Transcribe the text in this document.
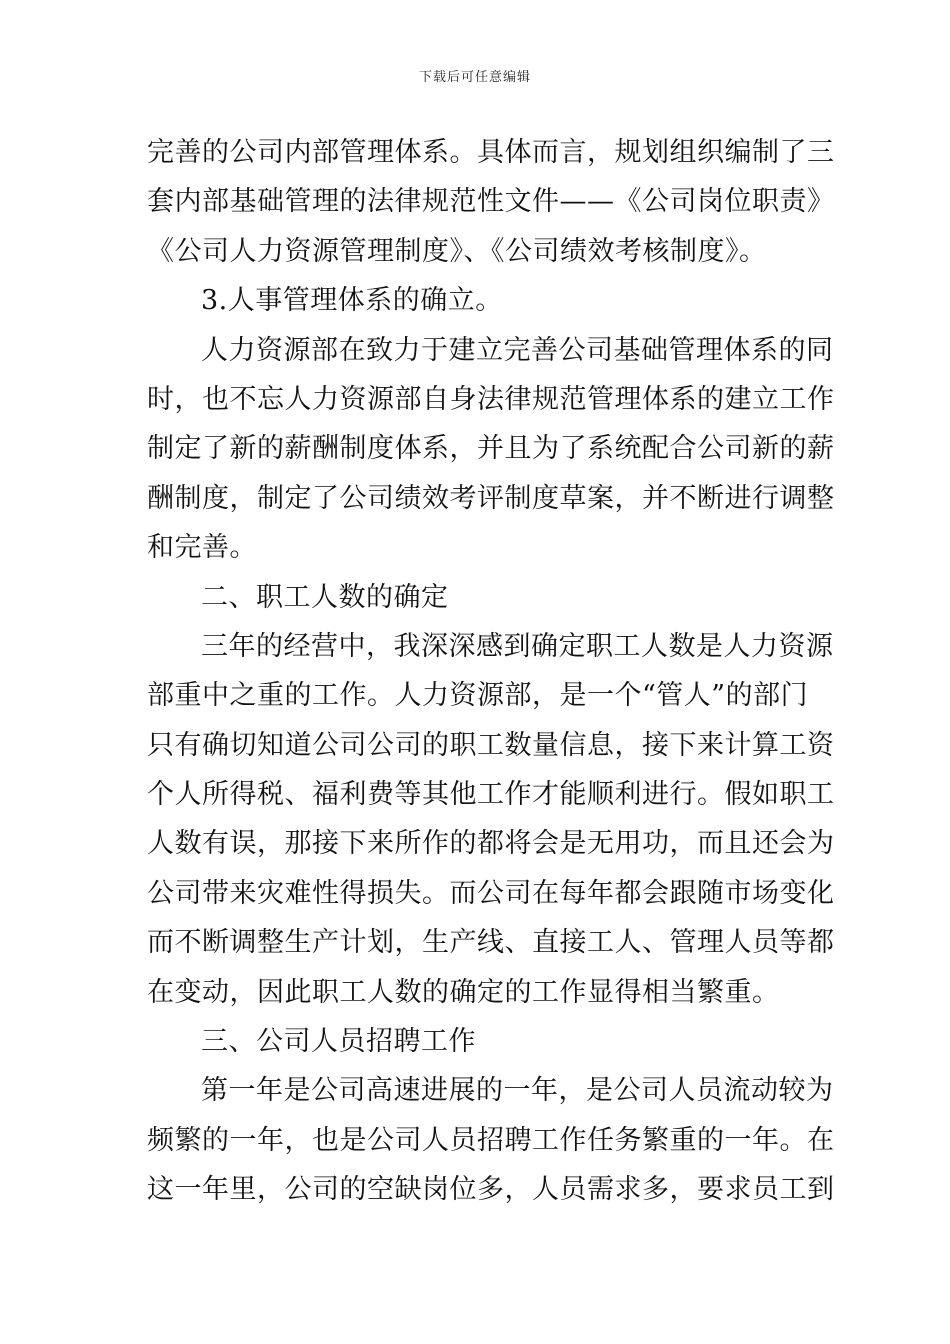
下载后可任意编辑
完善的公司内部管理体系。具体而言，规划组织编制了三
套内部基础管理的法律规范性文件——《公司岗位职责》
《公司人力资源管理制度》、《公司绩效考核制度》。
3.人事管理体系的确立。
人力资源部在致力于建立完善公司基础管理体系的同
时，也不忘人力资源部自身法律规范管理体系的建立工作
制定了新的薪酬制度体系，并且为了系统配合公司新的薪
酬制度，制定了公司绩效考评制度草案，并不断进行调整
和完善。
二、职工人数的确定
三年的经营中，我深深感到确定职工人数是人力资源
部重中之重的工作。人力资源部，是一个“管人”的部门
只有确切知道公司公司的职工数量信息，接下来计算工资
个人所得税、福利费等其他工作才能顺利进行。假如职工
人数有误，那接下来所作的都将会是无用功，而且还会为
公司带来灾难性得损失。而公司在每年都会跟随市场变化
而不断调整生产计划，生产线、直接工人、管理人员等都
在变动，因此职工人数的确定的工作显得相当繁重。
三、公司人员招聘工作
第一年是公司高速进展的一年，是公司人员流动较为
频繁的一年，也是公司人员招聘工作任务繁重的一年。在
这一年里，公司的空缺岗位多，人员需求多，要求员工到
